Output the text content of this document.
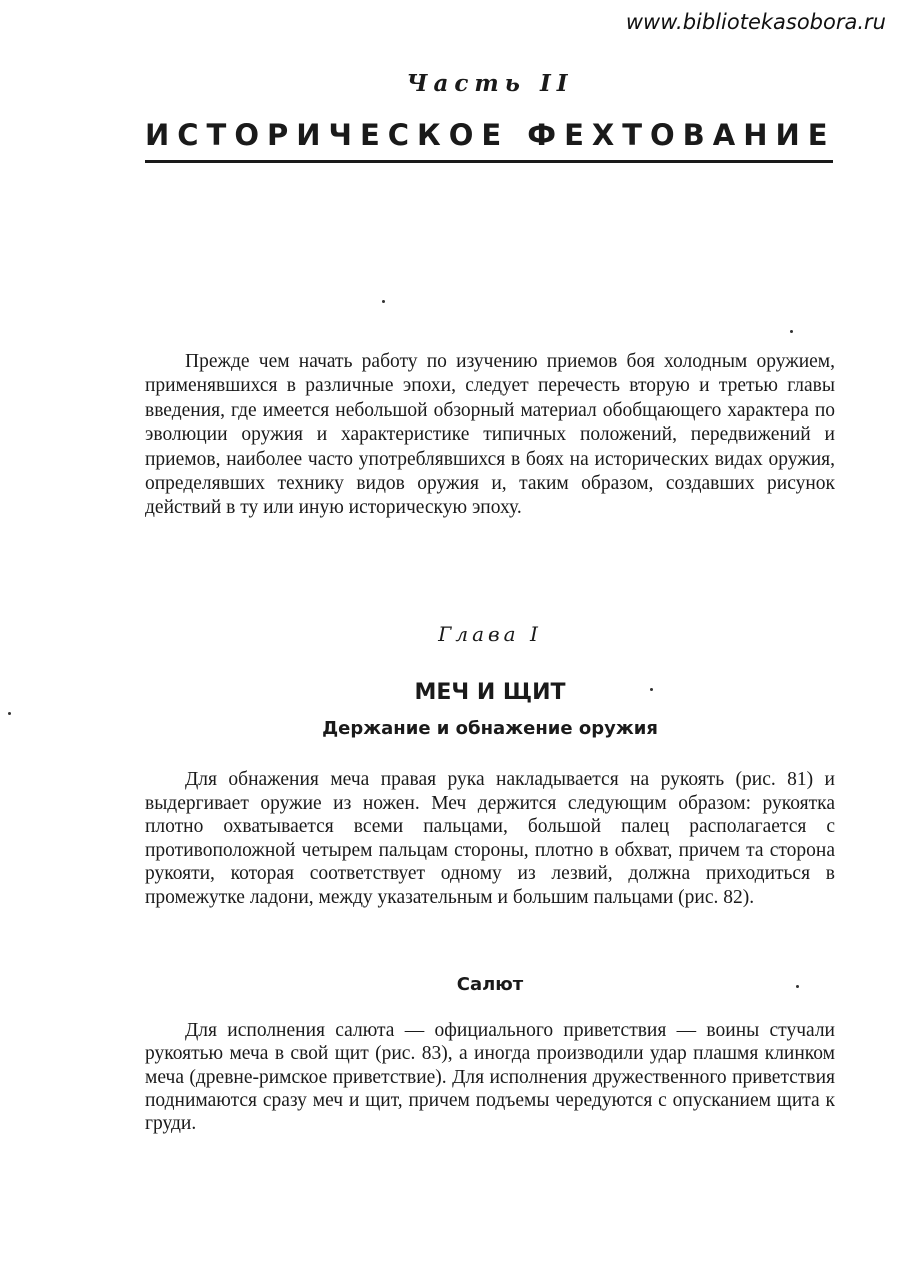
www.bibliotekasobora.ru
Часть II
ИСТОРИЧЕСКОЕ ФЕХТОВАНИЕ

Прежде чем начать работу по изучению приемов боя холодным оружием, применявшихся в различные эпохи, следует перечесть вторую и третью главы введения, где имеется небольшой обзорный материал обобщающего характера по эволюции оружия и характеристике типичных положений, передвижений и приемов, наиболее часто употреблявшихся в боях на исторических видах оружия, определявших технику видов оружия и, таким образом, создавших рисунок действий в ту или иную историческую эпоху.

Глава I
МЕЧ И ЩИТ
Держание и обнажение оружия

Для обнажения меча правая рука накладывается на рукоять (рис. 81) и выдергивает оружие из ножен. Меч держится следующим образом: рукоятка плотно охватывается всеми пальцами, большой палец располагается с противоположной четырем пальцам стороны, плотно в обхват, причем та сторона рукояти, которая соответствует одному из лезвий, должна приходиться в промежутке ладони, между указательным и большим пальцами (рис. 82).

Салют

Для исполнения салюта — официального приветствия — воины стучали рукоятью меча в свой щит (рис. 83), а иногда производили удар плашмя клинком меча (древне-римское приветствие). Для исполнения дружественного приветствия поднимаются сразу меч и щит, причем подъемы чередуются с опусканием щита к груди.
